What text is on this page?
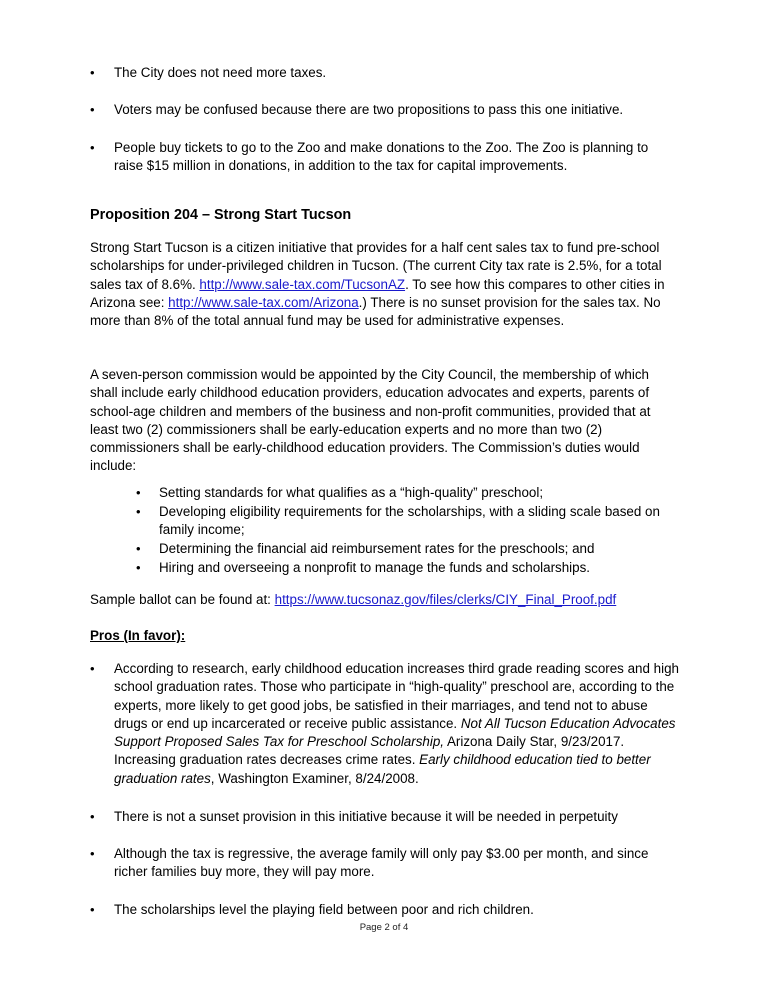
•	The City does not need more taxes.
•	Voters may be confused because there are two propositions to pass this one initiative.
•	People buy tickets to go to the Zoo and make donations to the Zoo. The Zoo is planning to raise $15 million in donations, in addition to the tax for capital improvements.
Proposition 204 – Strong Start Tucson

Strong Start Tucson is a citizen initiative that provides for a half cent sales tax to fund pre-school scholarships for under-privileged children in Tucson. (The current City tax rate is 2.5%, for a total sales tax of 8.6%. http://www.sale-tax.com/TucsonAZ. To see how this compares to other cities in Arizona see: http://www.sale-tax.com/Arizona.) There is no sunset provision for the sales tax. No more than 8% of the total annual fund may be used for administrative expenses.

A seven-person commission would be appointed by the City Council, the membership of which shall include early childhood education providers, education advocates and experts, parents of school-age children and members of the business and non-profit communities, provided that at least two (2) commissioners shall be early-education experts and no more than two (2) commissioners shall be early-childhood education providers. The Commission’s duties would include:

• Setting standards for what qualifies as a “high-quality” preschool;
• Developing eligibility requirements for the scholarships, with a sliding scale based on family income;
• Determining the financial aid reimbursement rates for the preschools; and
• Hiring and overseeing a nonprofit to manage the funds and scholarships.

Sample ballot can be found at: https://www.tucsonaz.gov/files/clerks/CIY_Final_Proof.pdf

Pros (In favor):

•	According to research, early childhood education increases third grade reading scores and high school graduation rates. Those who participate in “high-quality” preschool are, according to the experts, more likely to get good jobs, be satisfied in their marriages, and tend not to abuse drugs or end up incarcerated or receive public assistance. Not All Tucson Education Advocates Support Proposed Sales Tax for Preschool Scholarship, Arizona Daily Star, 9/23/2017. Increasing graduation rates decreases crime rates. Early childhood education tied to better graduation rates, Washington Examiner, 8/24/2008.
•	There is not a sunset provision in this initiative because it will be needed in perpetuity
•	Although the tax is regressive, the average family will only pay $3.00 per month, and since richer families buy more, they will pay more.
•	The scholarships level the playing field between poor and rich children.
Page 2 of 4
